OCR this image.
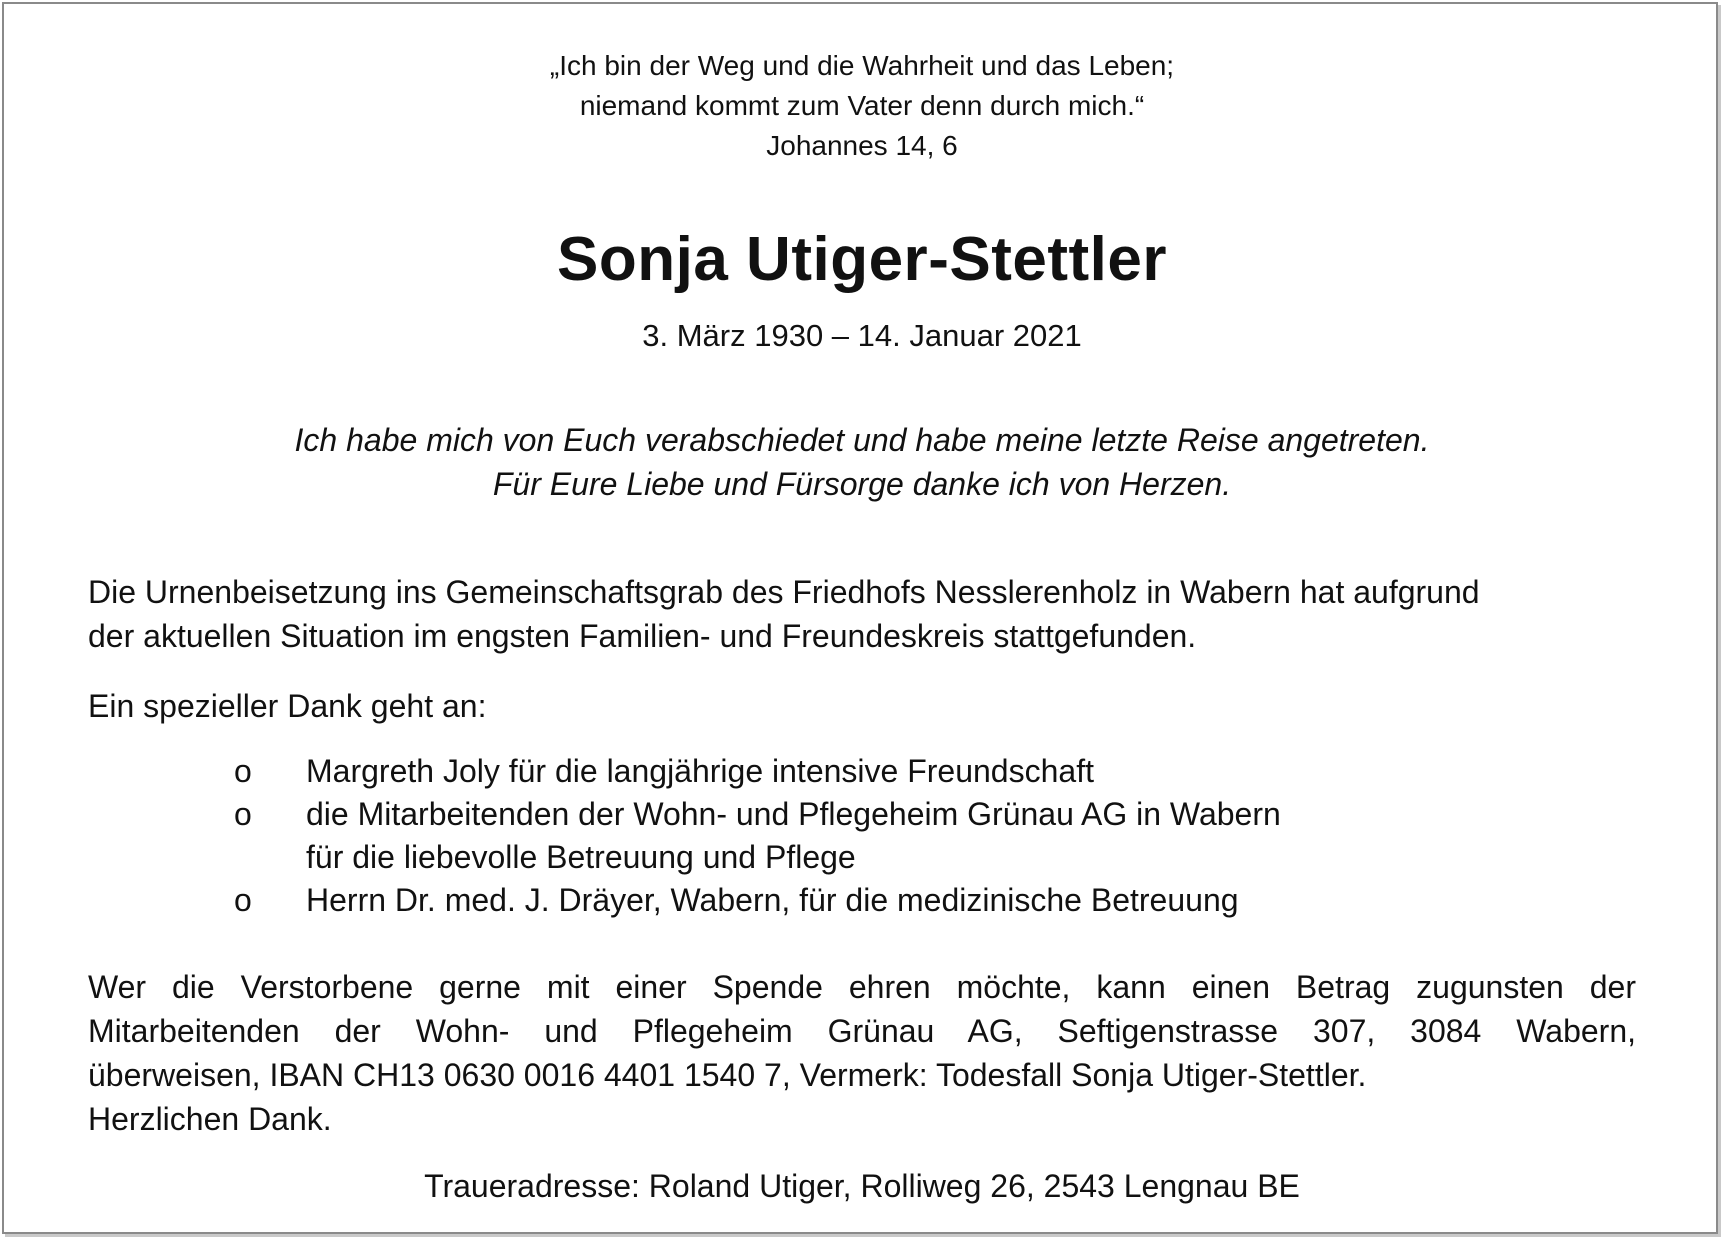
„Ich bin der Weg und die Wahrheit und das Leben;
niemand kommt zum Vater denn durch mich.“
Johannes 14, 6
Sonja Utiger-Stettler
3. März 1930 – 14. Januar 2021
Ich habe mich von Euch verabschiedet und habe meine letzte Reise angetreten.
Für Eure Liebe und Fürsorge danke ich von Herzen.
Die Urnenbeisetzung ins Gemeinschaftsgrab des Friedhofs Nesslerenholz in Wabern hat aufgrund
der aktuellen Situation im engsten Familien- und Freundeskreis stattgefunden.
Ein spezieller Dank geht an:
o	Margreth Joly für die langjährige intensive Freundschaft
o	die Mitarbeitenden der Wohn- und Pflegeheim Grünau AG in Wabern
für die liebevolle Betreuung und Pflege
o	Herrn Dr. med. J. Dräyer, Wabern, für die medizinische Betreuung
Wer die Verstorbene gerne mit einer Spende ehren möchte, kann einen Betrag zugunsten der
Mitarbeitenden der Wohn- und Pflegeheim Grünau AG, Seftigenstrasse 307, 3084 Wabern,
überweisen, IBAN CH13 0630 0016 4401 1540 7, Vermerk: Todesfall Sonja Utiger-Stettler.
Herzlichen Dank.
Traueradresse: Roland Utiger, Rolliweg 26, 2543 Lengnau BE
